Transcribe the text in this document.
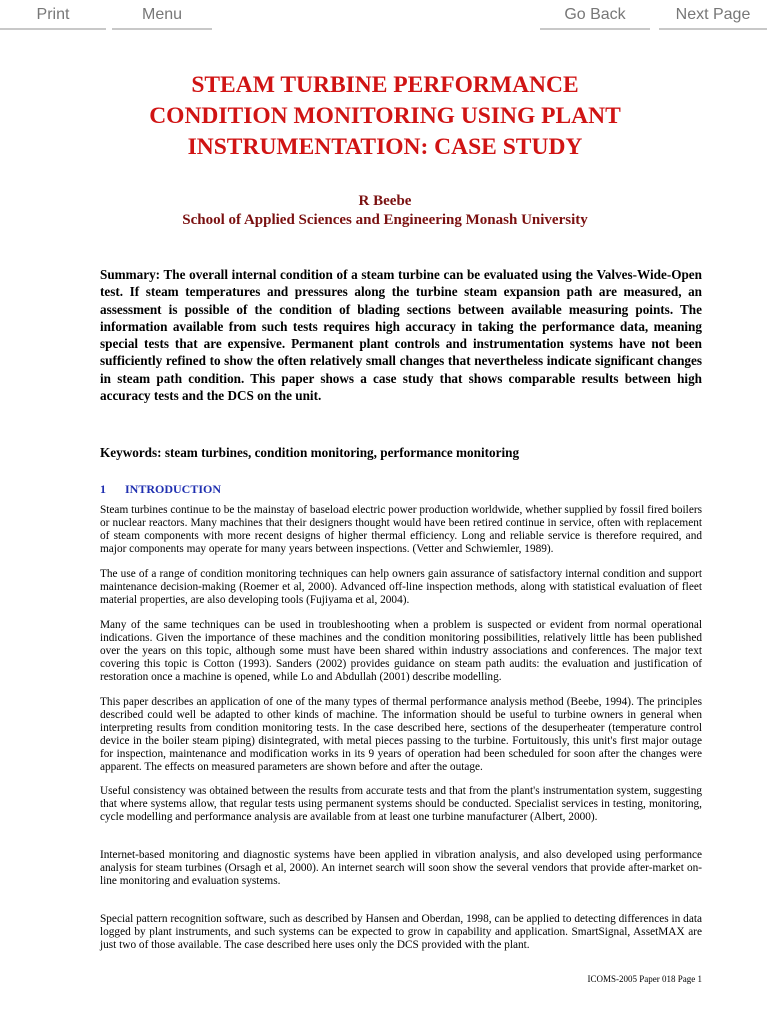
Print	Menu	Go Back	Next Page
STEAM TURBINE PERFORMANCE
CONDITION MONITORING USING PLANT
INSTRUMENTATION: CASE STUDY
R Beebe
School of Applied Sciences and Engineering Monash University

Summary: The overall internal condition of a steam turbine can be evaluated using the Valves-Wide-Open test. If steam temperatures and pressures along the turbine steam expansion path are measured, an assessment is possible of the condition of blading sections between available measuring points. The information available from such tests requires high accuracy in taking the performance data, meaning special tests that are expensive. Permanent plant controls and instrumentation systems have not been sufficiently refined to show the often relatively small changes that nevertheless indicate significant changes in steam path condition. This paper shows a case study that shows comparable results between high accuracy tests and the DCS on the unit.

Keywords: steam turbines, condition monitoring, performance monitoring

1 INTRODUCTION

Steam turbines continue to be the mainstay of baseload electric power production worldwide, whether supplied by fossil fired boilers or nuclear reactors. Many machines that their designers thought would have been retired continue in service, often with replacement of steam components with more recent designs of higher thermal efficiency. Long and reliable service is therefore required, and major components may operate for many years between inspections. (Vetter and Schwiemler, 1989).

The use of a range of condition monitoring techniques can help owners gain assurance of satisfactory internal condition and support maintenance decision-making (Roemer et al, 2000). Advanced off-line inspection methods, along with statistical evaluation of fleet material properties, are also developing tools (Fujiyama et al, 2004).

Many of the same techniques can be used in troubleshooting when a problem is suspected or evident from normal operational indications. Given the importance of these machines and the condition monitoring possibilities, relatively little has been published over the years on this topic, although some must have been shared within industry associations and conferences. The major text covering this topic is Cotton (1993). Sanders (2002) provides guidance on steam path audits: the evaluation and justification of restoration once a machine is opened, while Lo and Abdullah (2001) describe modelling.

This paper describes an application of one of the many types of thermal performance analysis method (Beebe, 1994). The principles described could well be adapted to other kinds of machine. The information should be useful to turbine owners in general when interpreting results from condition monitoring tests. In the case described here, sections of the desuperheater (temperature control device in the boiler steam piping) disintegrated, with metal pieces passing to the turbine. Fortuitously, this unit's first major outage for inspection, maintenance and modification works in its 9 years of operation had been scheduled for soon after the changes were apparent. The effects on measured parameters are shown before and after the outage.

Useful consistency was obtained between the results from accurate tests and that from the plant's instrumentation system, suggesting that where systems allow, that regular tests using permanent systems should be conducted. Specialist services in testing, monitoring, cycle modelling and performance analysis are available from at least one turbine manufacturer (Albert, 2000).

Internet-based monitoring and diagnostic systems have been applied in vibration analysis, and also developed using performance analysis for steam turbines (Orsagh et al, 2000). An internet search will soon show the several vendors that provide after-market on-line monitoring and evaluation systems.

Special pattern recognition software, such as described by Hansen and Oberdan, 1998, can be applied to detecting differences in data logged by plant instruments, and such systems can be expected to grow in capability and application. SmartSignal, AssetMAX are just two of those available. The case described here uses only the DCS provided with the plant.

ICOMS-2005 Paper 018 Page 1
